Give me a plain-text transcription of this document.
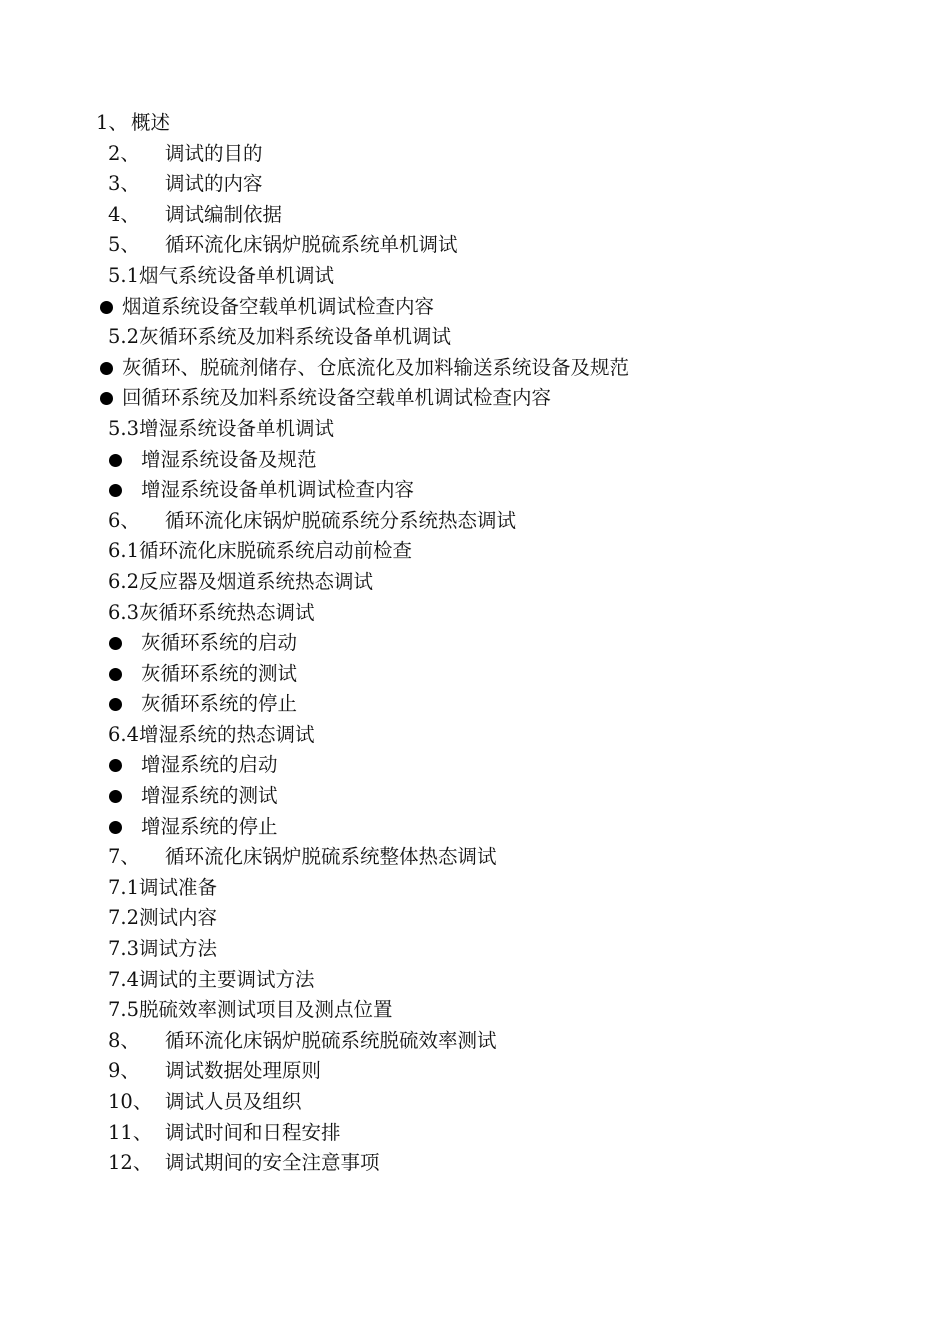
1、 概述
2、 调试的目的
3、 调试的内容
4、 调试编制依据
5、 循环流化床锅炉脱硫系统单机调试
5.1烟气系统设备单机调试
烟道系统设备空载单机调试检查内容
5.2灰循环系统及加料系统设备单机调试
灰循环、脱硫剂储存、仓底流化及加料输送系统设备及规范
回循环系统及加料系统设备空载单机调试检查内容
5.3增湿系统设备单机调试
增湿系统设备及规范
增湿系统设备单机调试检查内容
6、 循环流化床锅炉脱硫系统分系统热态调试
6.1循环流化床脱硫系统启动前检查
6.2反应器及烟道系统热态调试
6.3灰循环系统热态调试
灰循环系统的启动
灰循环系统的测试
灰循环系统的停止
6.4增湿系统的热态调试
增湿系统的启动
增湿系统的测试
增湿系统的停止
7、 循环流化床锅炉脱硫系统整体热态调试
7.1调试准备
7.2测试内容
7.3调试方法
7.4调试的主要调试方法
7.5脱硫效率测试项目及测点位置
8、 循环流化床锅炉脱硫系统脱硫效率测试
9、 调试数据处理原则
10、 调试人员及组织
11、 调试时间和日程安排
12、 调试期间的安全注意事项
